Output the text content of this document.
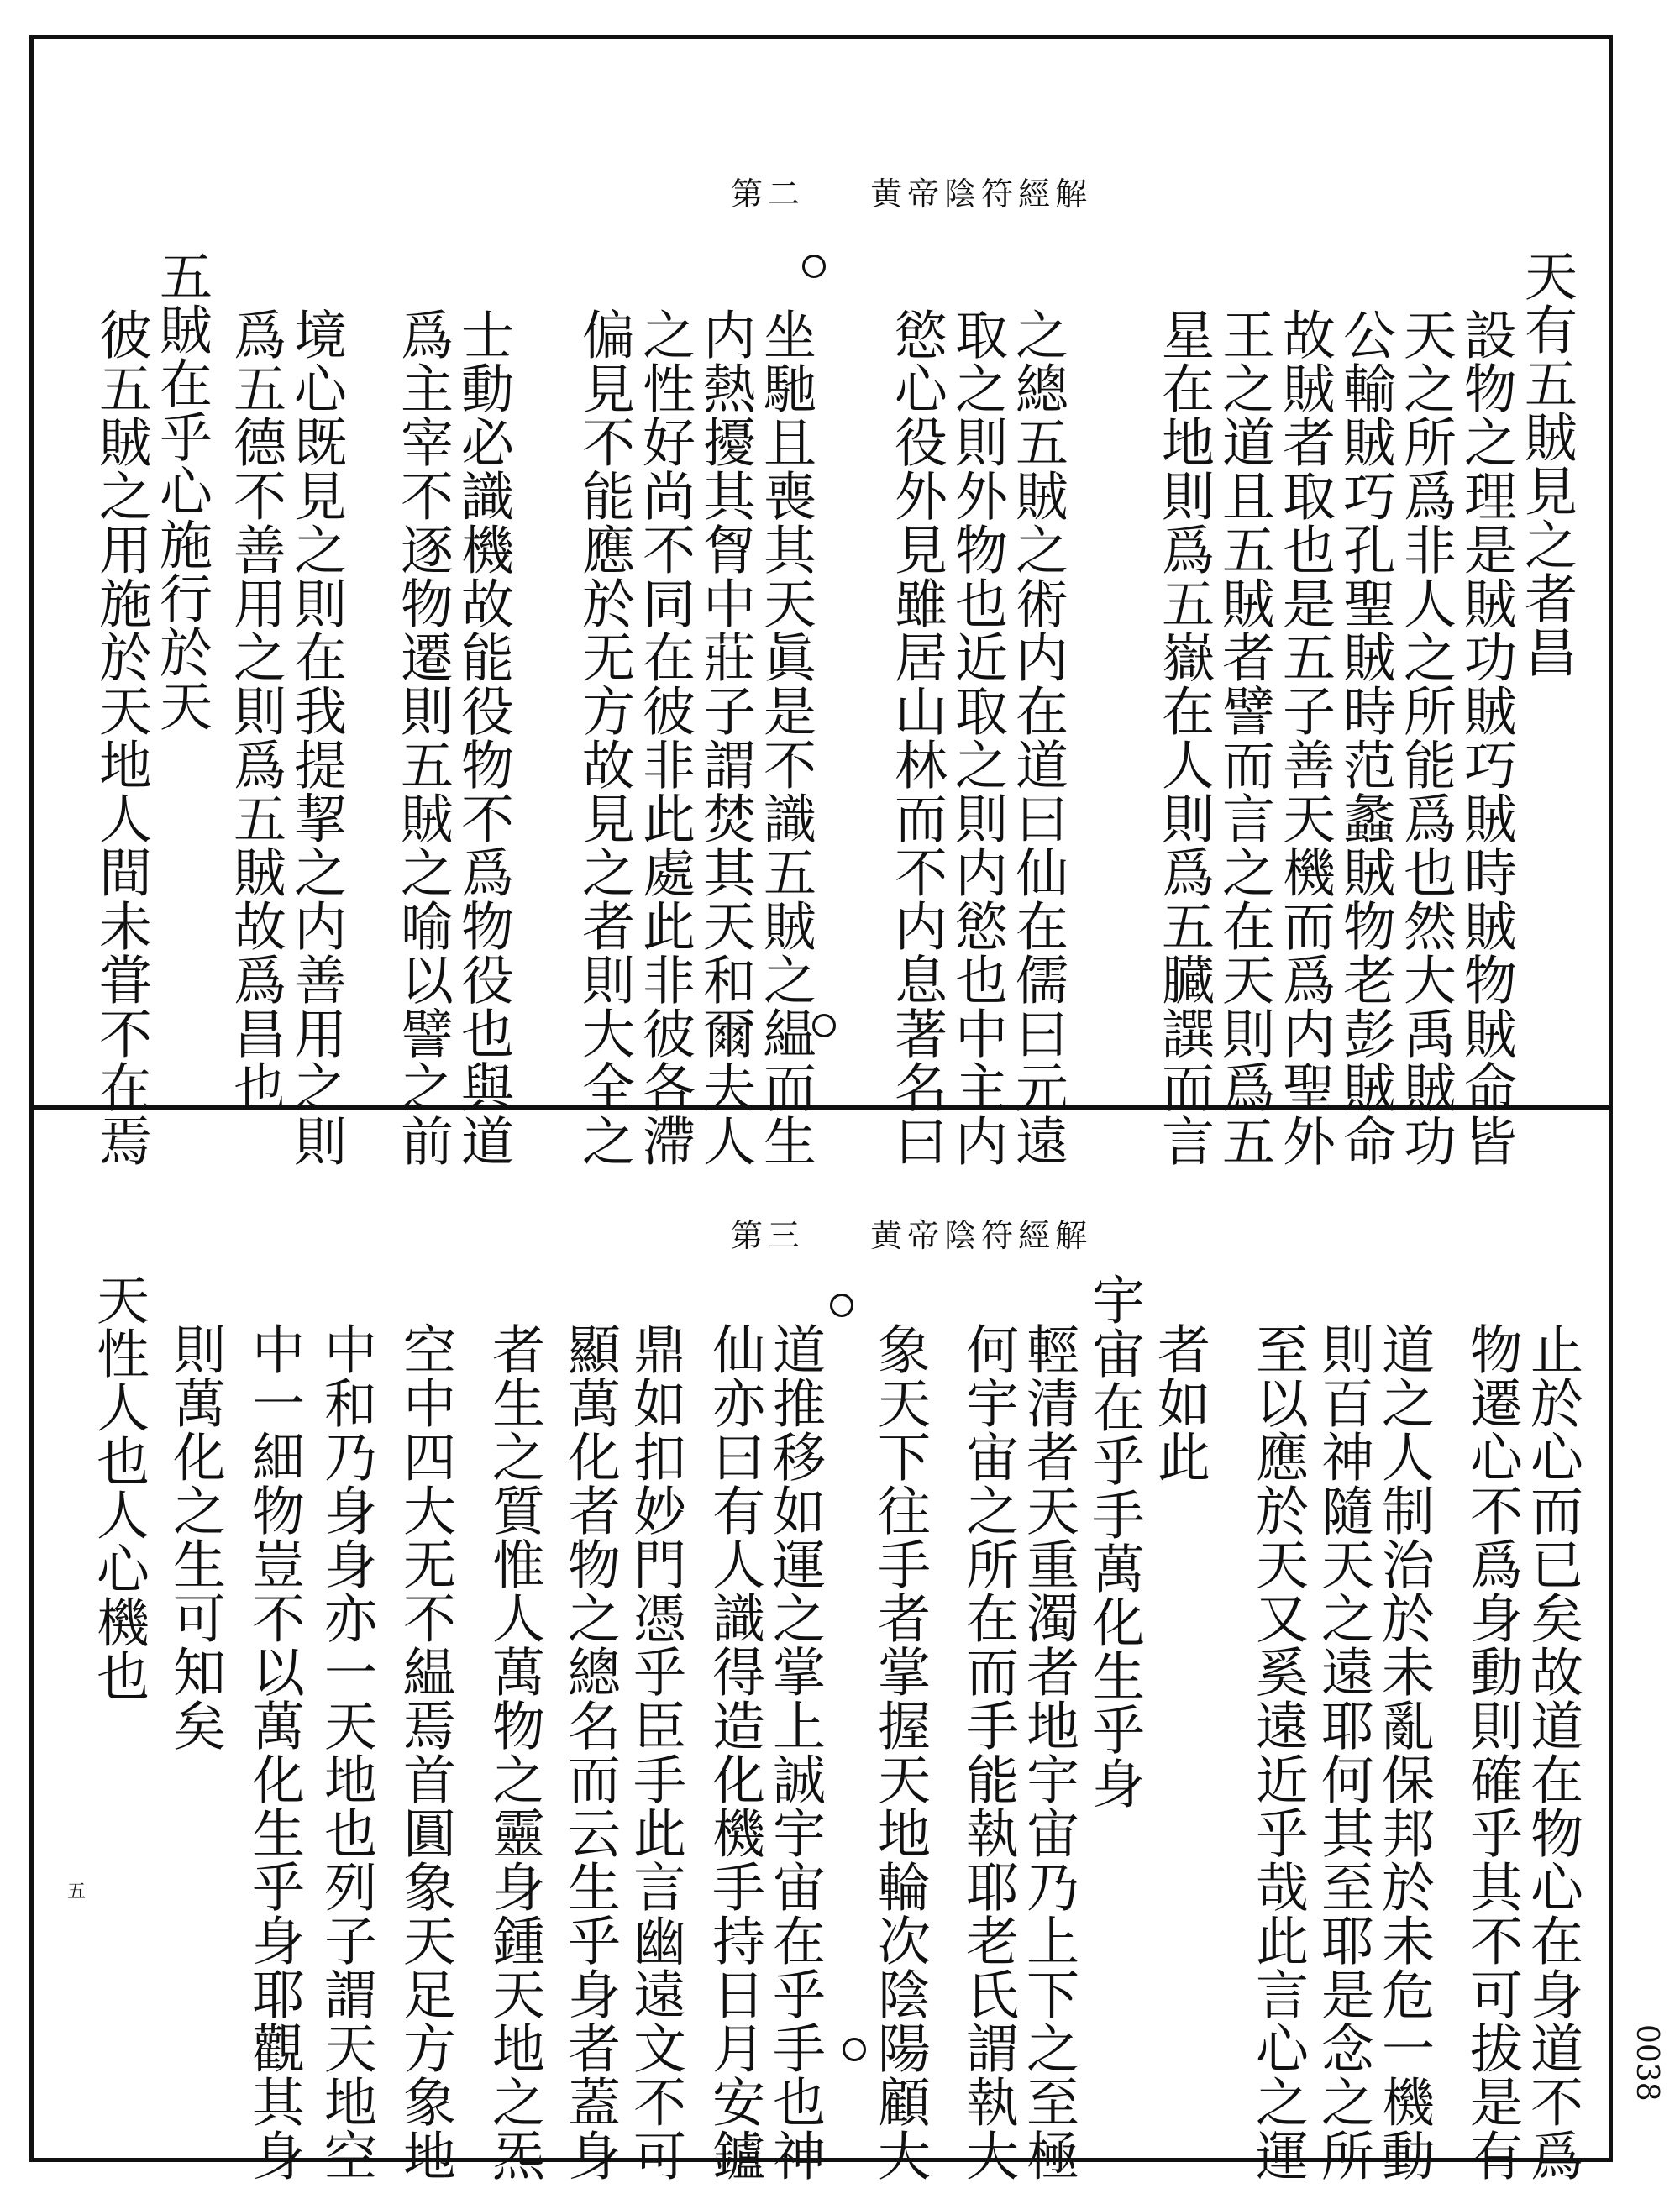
第二 黄帝陰符經解
天有五賊見之者昌
設物之理是賊功賊巧賊時賊物賊命皆
天之所爲非人之所能爲也然大禹賊功
公輸賊巧孔聖賊時范蠡賊物老彭賊命
故賊者取也是五子善天機而爲内聖外
王之道且五賊者譬而言之在天則爲五
星在地則爲五嶽在人則爲五臓譔而言
之總五賊之術内在道曰仙在儒曰元遠
取之則外物也近取之則内慾也中主内
慾心役外見雖居山林而不内息著名曰
坐馳且喪其天眞是不識五賊之緼而生
内熱擾其胷中莊子謂焚其天和爾夫人
之性好尚不同在彼非此處此非彼各滯
偏見不能應於无方故見之者則大全之
士動必識機故能役物不爲物役也與道
爲主宰不逐物遷則五賊之喻以譬之前
境心既見之則在我提挈之内善用之則
爲五德不善用之則爲五賊故爲昌也
五賊在乎心施行於天
彼五賊之用施於天地人間未甞不在焉
第三 黄帝陰符經解
止於心而已矣故道在物心在身道不爲
物遷心不爲身動則確乎其不可拔是有
道之人制治於未亂保邦於未危一機動
則百神隨天之遠耶何其至耶是念之所
至以應於天又奚遠近乎哉此言心之運
者如此
宇宙在乎手萬化生乎身
輕清者天重濁者地宇宙乃上下之至極
何宇宙之所在而手能執耶老氏謂執大
象天下往手者掌握天地輪次陰陽顧大
道推移如運之掌上誠宇宙在乎手也神
仙亦曰有人識得造化機手持日月安鑪
鼎如扣妙門憑乎臣手此言幽遠文不可
顯萬化者物之總名而云生乎身者蓋身
者生之質惟人萬物之靈身鍾天地之炁
空中四大无不緼焉首圓象天足方象地
中和乃身身亦一天地也列子謂天地空
中一細物豈不以萬化生乎身耶觀其身
則萬化之生可知矣
天性人也人心機也
五
0038
